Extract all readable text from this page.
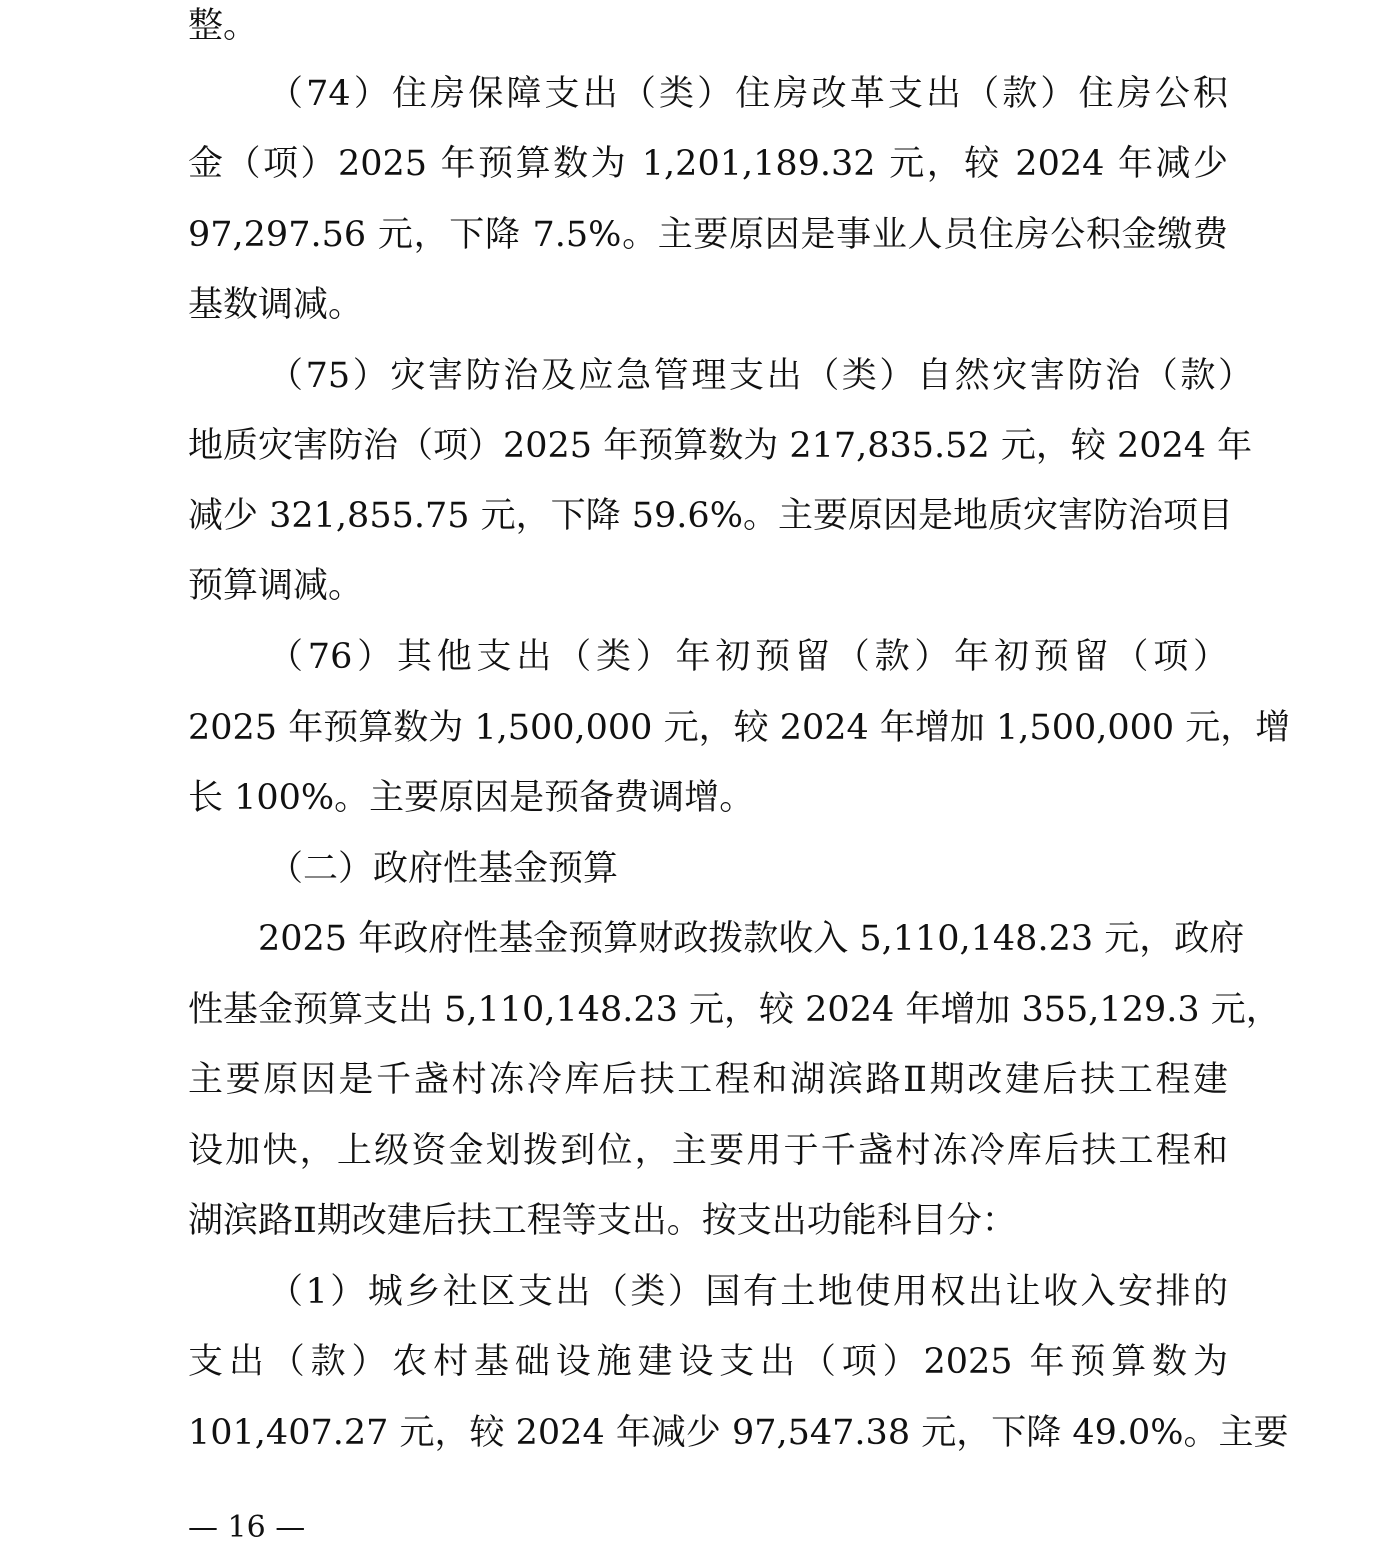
整。
（74）住房保障支出（类）住房改革支出（款）住房公积
金（项）2025 年预算数为 1,201,189.32 元，较 2024 年减少
97,297.56 元，下降 7.5%。主要原因是事业人员住房公积金缴费
基数调减。
（75）灾害防治及应急管理支出（类）自然灾害防治（款）
地质灾害防治（项）2025 年预算数为 217,835.52 元，较 2024 年
减少 321,855.75 元，下降 59.6%。主要原因是地质灾害防治项目
预算调减。
（76）其他支出（类）年初预留（款）年初预留（项）
2025 年预算数为 1,500,000 元，较 2024 年增加 1,500,000 元，增
长 100%。主要原因是预备费调增。
（二）政府性基金预算
2025 年政府性基金预算财政拨款收入 5,110,148.23 元，政府
性基金预算支出 5,110,148.23 元，较 2024 年增加 355,129.3 元，
主要原因是千盏村冻冷库后扶工程和湖滨路Ⅱ期改建后扶工程建
设加快，上级资金划拨到位，主要用于千盏村冻冷库后扶工程和
湖滨路Ⅱ期改建后扶工程等支出。按支出功能科目分：
（1）城乡社区支出（类）国有土地使用权出让收入安排的
支出（款）农村基础设施建设支出（项）2025 年预算数为
101,407.27 元，较 2024 年减少 97,547.38 元，下降 49.0%。主要
— 16 —
